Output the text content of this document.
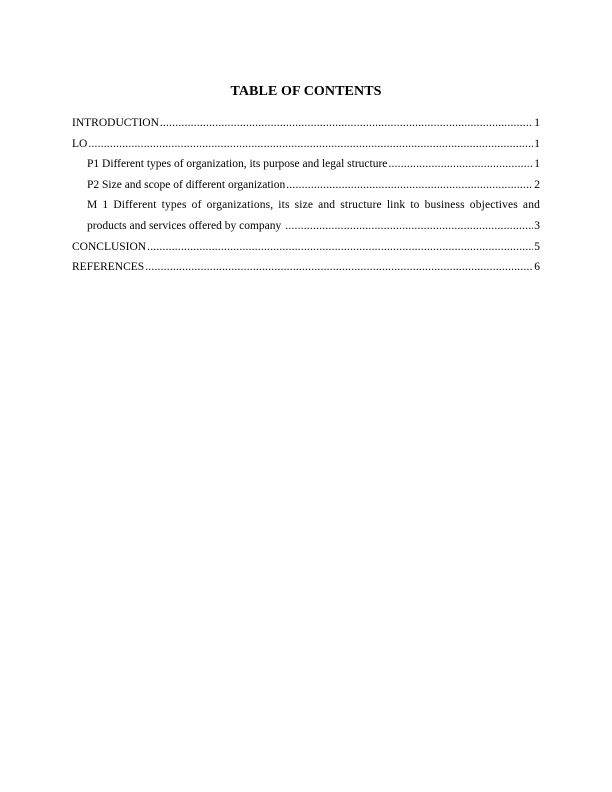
TABLE OF CONTENTS
INTRODUCTION .....	1
LO .....	1
P1 Different types of organization, its purpose and legal structure .....	1
P2 Size and scope of different organization .....	2
M 1 Different types of organizations, its size and structure link to business objectives and
products and services offered by company .....	3
CONCLUSION .....	5
REFERENCES .....	6
